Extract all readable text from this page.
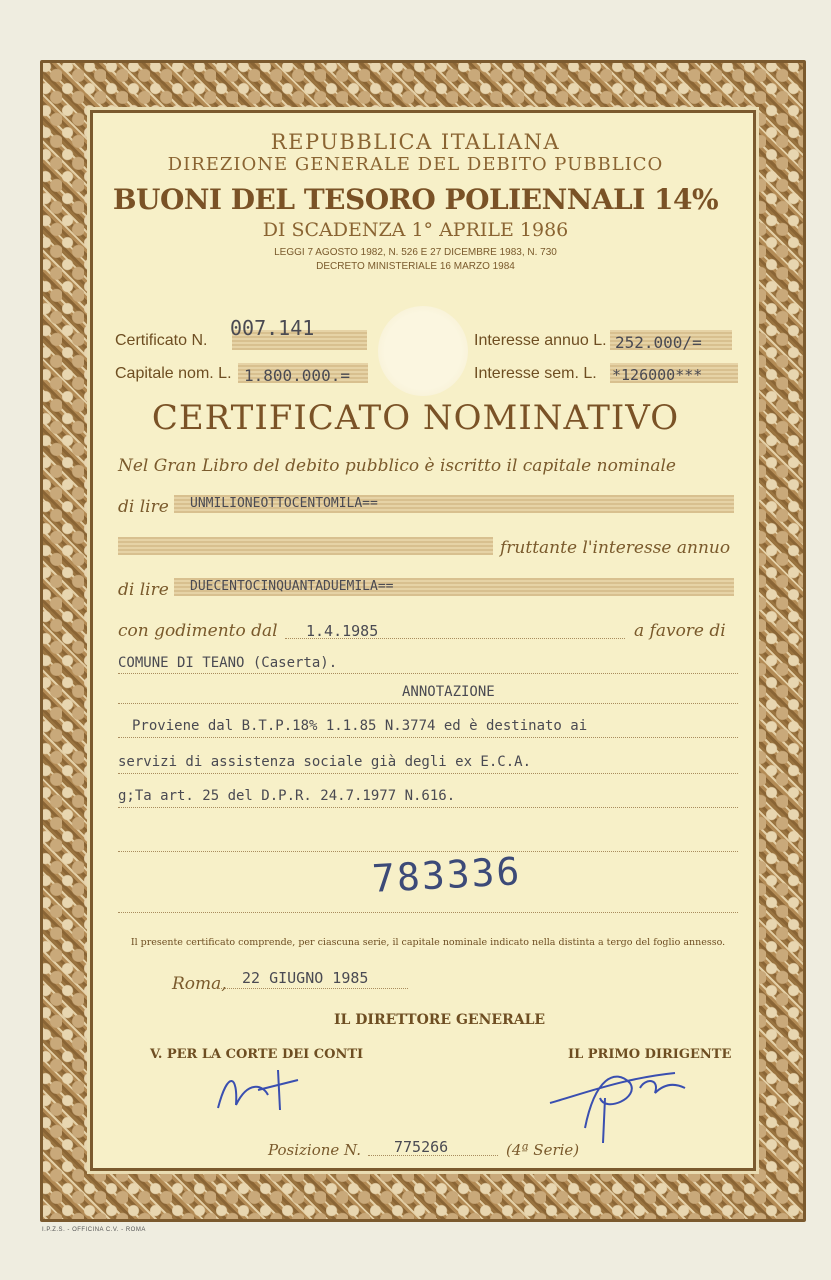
REPUBBLICA ITALIANA
DIREZIONE GENERALE DEL DEBITO PUBBLICO
BUONI DEL TESORO POLIENNALI 14%
DI SCADENZA 1° APRILE 1986
LEGGI 7 AGOSTO 1982, N. 526 E 27 DICEMBRE 1983, N. 730
DECRETO MINISTERIALE 16 MARZO 1984
Certificato N.
007.141
Capitale nom. L. 1.800.000.=
Interesse annuo L. 252.000/=
Interesse sem. L. *126000***
CERTIFICATO NOMINATIVO
Nel Gran Libro del debito pubblico è iscritto il capitale nominale
di lire UNMILIONEOTTOCENTOMILA==
fruttante l'interesse annuo
di lire DUECENTOCINQUANTADUEMILA==
con godimento dal 1.4.1985	a favore di
COMUNE DI TEANO (Caserta).
ANNOTAZIONE
Proviene dal B.T.P.18% 1.1.85 N.3774 ed è destinato ai
servizi di assistenza sociale già degli ex E.C.A.
g;Ta art. 25 del D.P.R. 24.7.1977 N.616.
783336
Il presente certificato comprende, per ciascuna serie, il capitale nominale indicato nella distinta a tergo del foglio annesso.
Roma, 22 GIUGNO 1985
IL DIRETTORE GENERALE
V. PER LA CORTE DEI CONTI	IL PRIMO DIRIGENTE
Posizione N. 775266	(4ª Serie)
I.P.Z.S. - OFFICINA C.V. - ROMA
